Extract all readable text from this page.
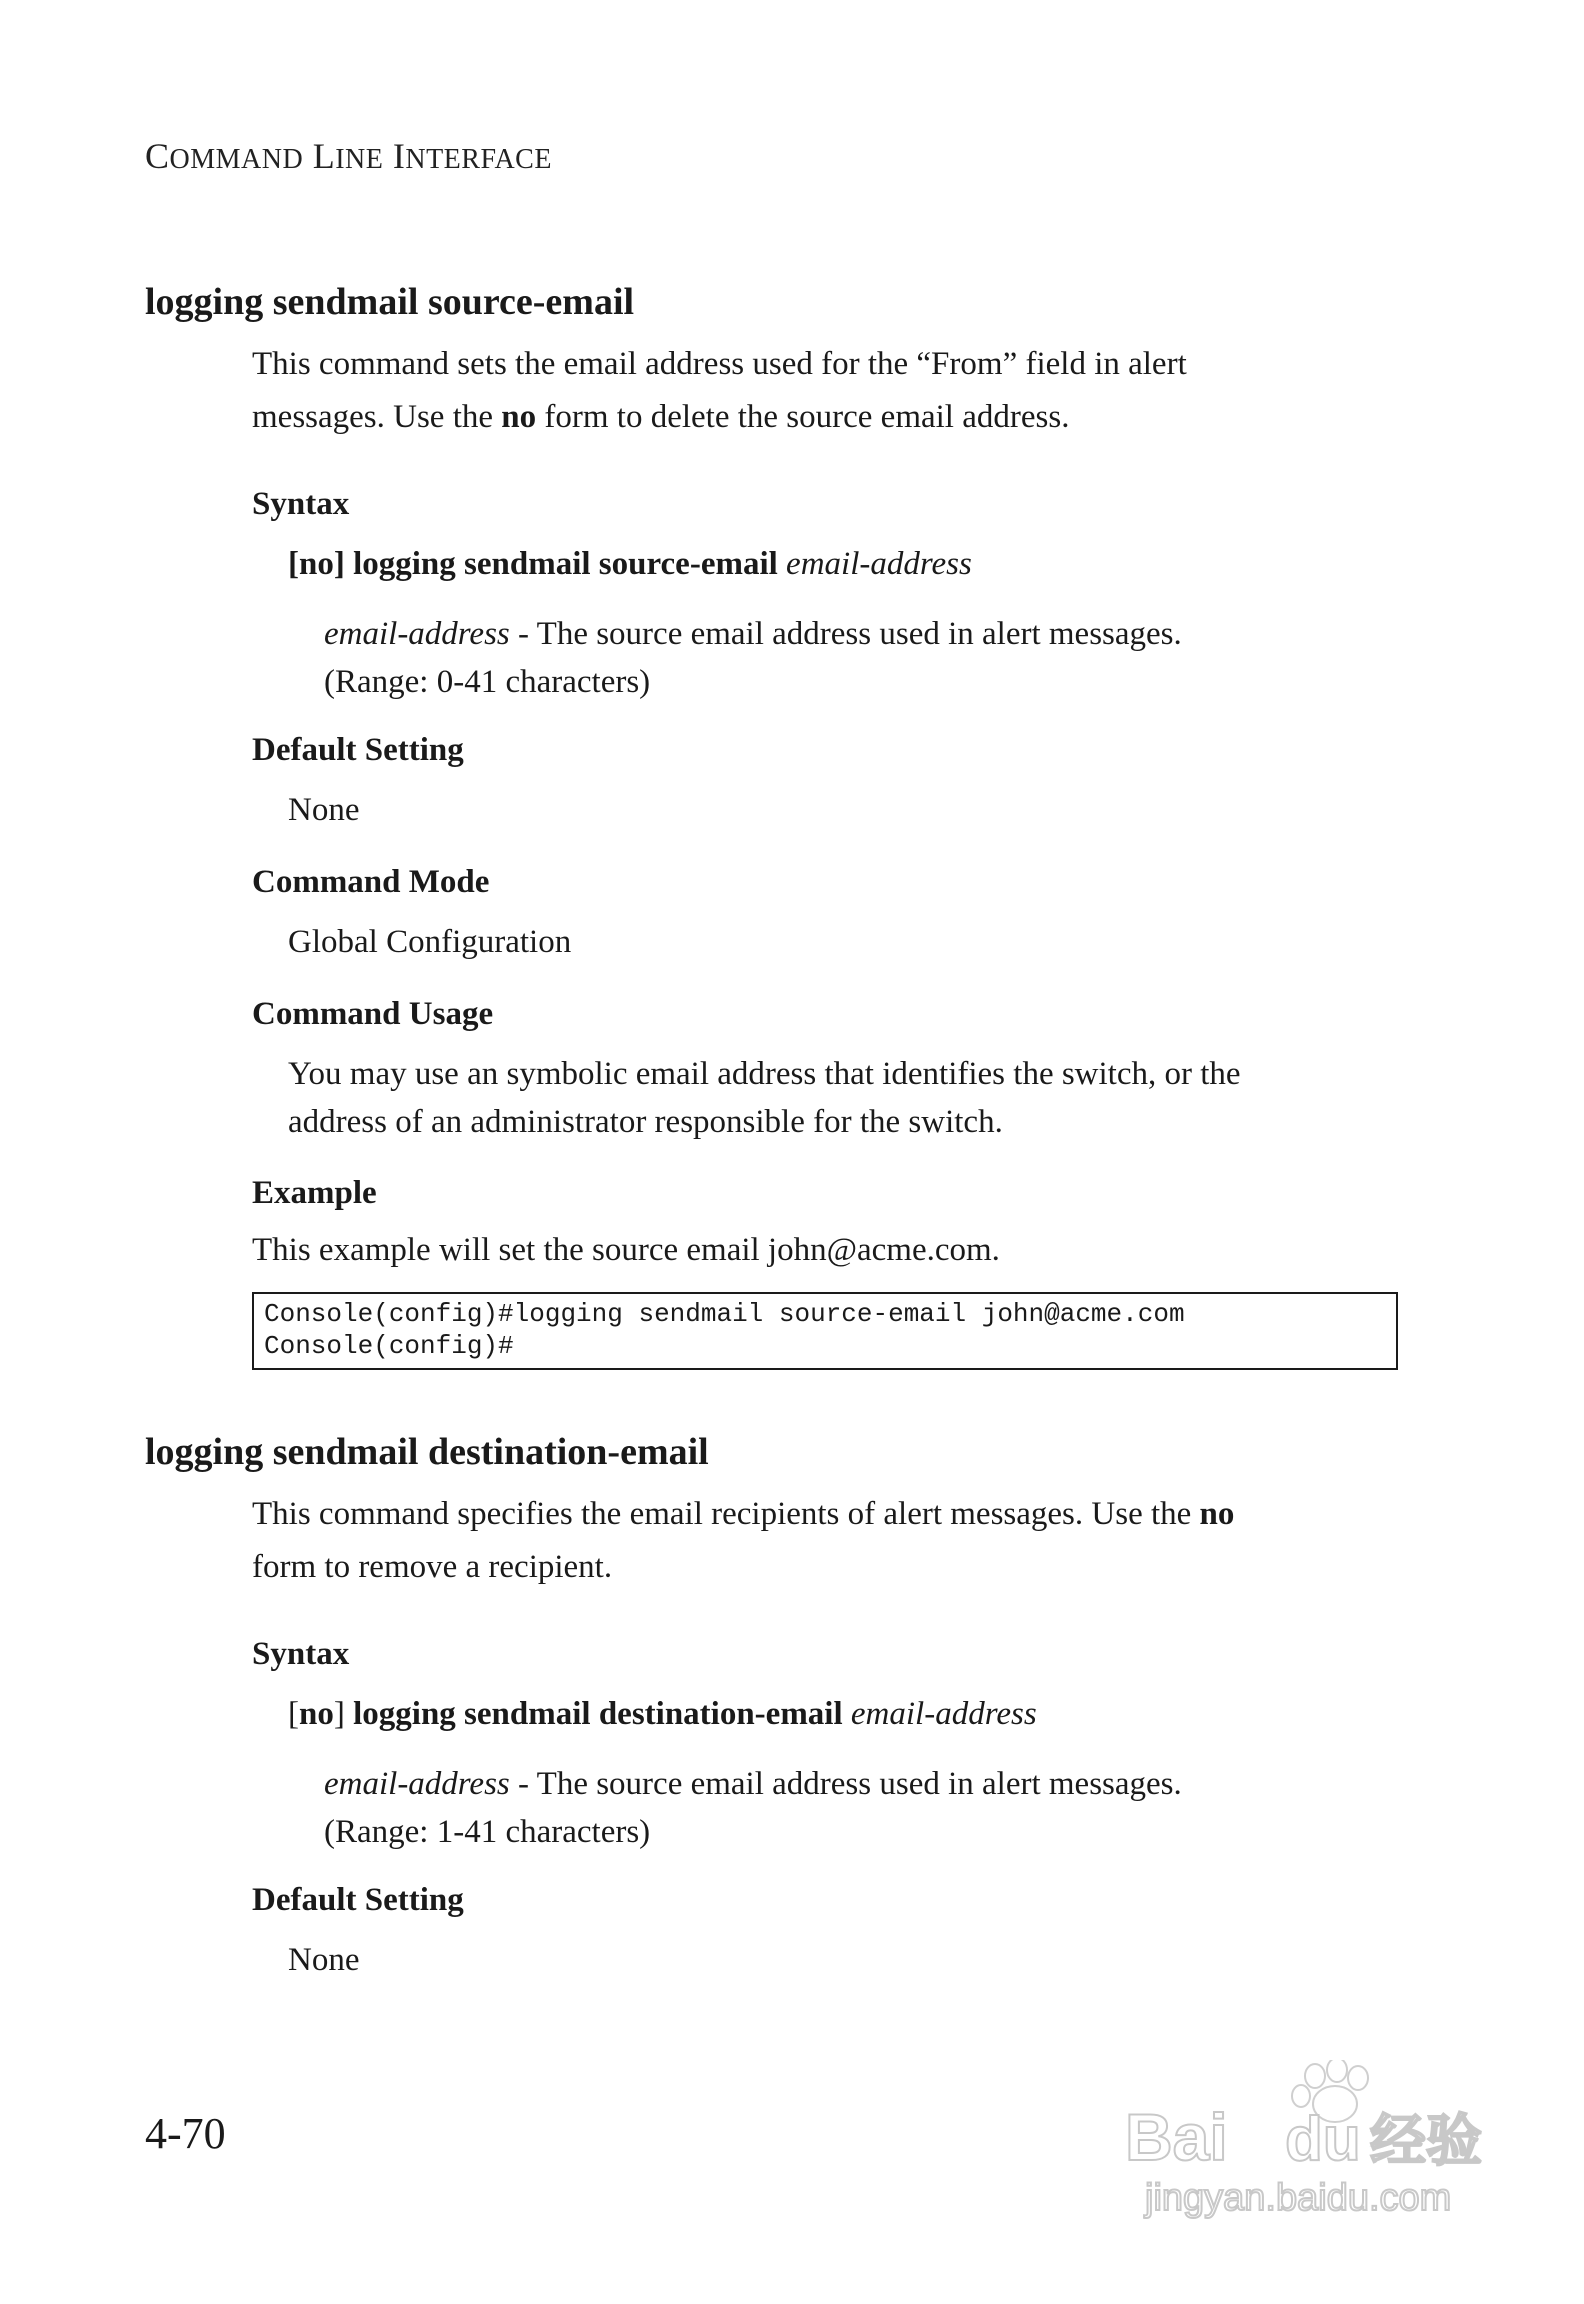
COMMAND LINE INTERFACE
logging sendmail source-email
This command sets the email address used for the “From” field in alert
messages. Use the no form to delete the source email address.
Syntax
[no] logging sendmail source-email email-address
email-address - The source email address used in alert messages.
(Range: 0-41 characters)
Default Setting
None
Command Mode
Global Configuration
Command Usage
You may use an symbolic email address that identifies the switch, or the
address of an administrator responsible for the switch.
Example
This example will set the source email john@acme.com.
Console(config)#logging sendmail source-email john@acme.com
Console(config)#
logging sendmail destination-email
This command specifies the email recipients of alert messages. Use the no
form to remove a recipient.
Syntax
[no] logging sendmail destination-email email-address
email-address - The source email address used in alert messages.
(Range: 1-41 characters)
Default Setting
None
4-70	Bai du 经验
jingyan.baidu.com
